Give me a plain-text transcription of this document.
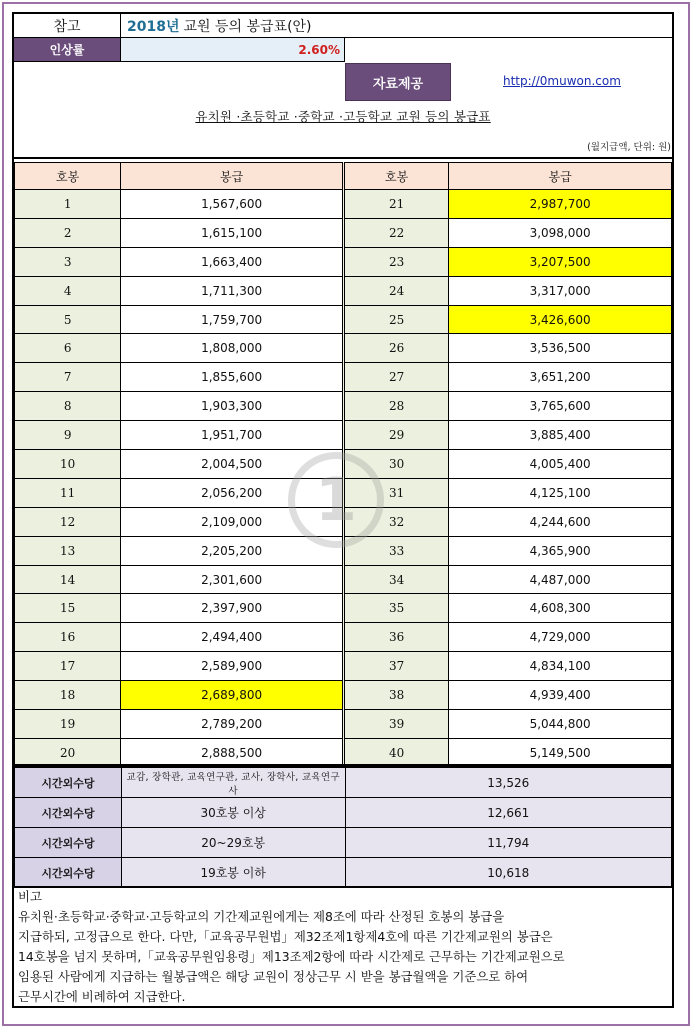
참고	2018년 교원 등의 봉급표(안)
인상률	2.60%
자료제공	http://0muwon.com
유치원 ·초등학교 ·중학교 ·고등학교 교원 등의 봉급표
(월지급액, 단위: 원)
호봉	봉급	호봉	봉급
1	1,567,600	21	2,987,700
2	1,615,100	22	3,098,000
3	1,663,400	23	3,207,500
4	1,711,300	24	3,317,000
5	1,759,700	25	3,426,600
6	1,808,000	26	3,536,500
7	1,855,600	27	3,651,200
8	1,903,300	28	3,765,600
9	1,951,700	29	3,885,400
10	2,004,500	30	4,005,400
11	2,056,200	31	4,125,100
12	2,109,000	32	4,244,600
13	2,205,200	33	4,365,900
14	2,301,600	34	4,487,000
15	2,397,900	35	4,608,300
16	2,494,400	36	4,729,000
17	2,589,900	37	4,834,100
18	2,689,800	38	4,939,400
19	2,789,200	39	5,044,800
20	2,888,500	40	5,149,500
1
시간외수당	교감, 장학관, 교육연구관, 교사, 장학사, 교육연구사	13,526
시간외수당	30호봉 이상	12,661
시간외수당	20~29호봉	11,794
시간외수당	19호봉 이하	10,618
비고
유치원·초등학교·중학교·고등학교의 기간제교원에게는 제8조에 따라 산정된 호봉의 봉급을
지급하되, 고정급으로 한다. 다만,「교육공무원법」제32조제1항제4호에 따른 기간제교원의 봉급은
14호봉을 넘지 못하며,「교육공무원임용령」제13조제2항에 따라 시간제로 근무하는 기간제교원으로
임용된 사람에게 지급하는 월봉급액은 해당 교원이 정상근무 시 받을 봉급월액을 기준으로 하여
근무시간에 비례하여 지급한다.
